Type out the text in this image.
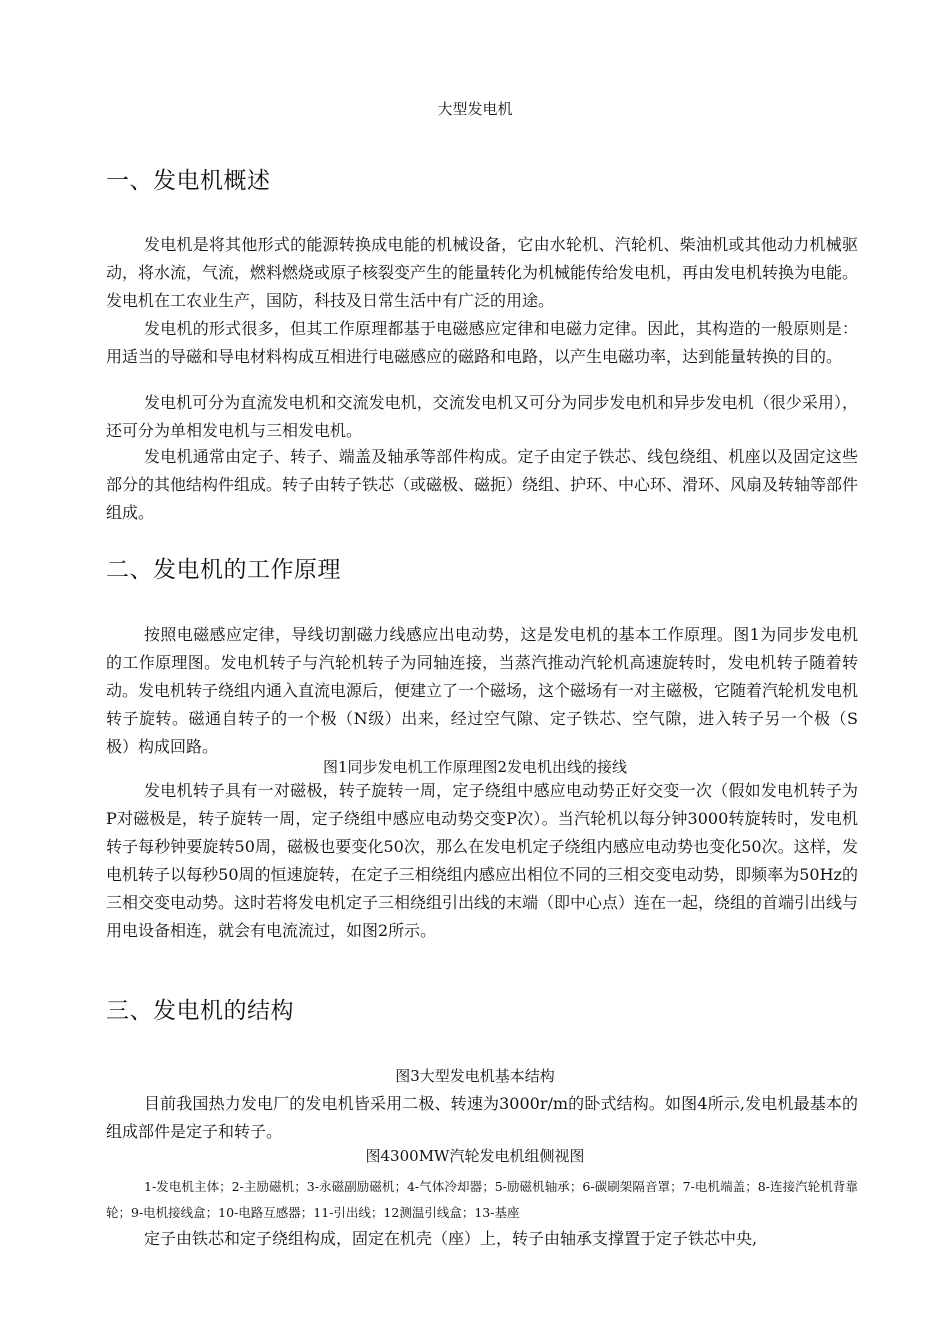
大型发电机
一、发电机概述

发电机是将其他形式的能源转换成电能的机械设备，它由水轮机、汽轮机、柴油机或其他动力机械驱动，将水流，气流，燃料燃烧或原子核裂变产生的能量转化为机械能传给发电机，再由发电机转换为电能。发电机在工农业生产，国防，科技及日常生活中有广泛的用途。

发电机的形式很多，但其工作原理都基于电磁感应定律和电磁力定律。因此，其构造的一般原则是：用适当的导磁和导电材料构成互相进行电磁感应的磁路和电路，以产生电磁功率，达到能量转换的目的。

发电机可分为直流发电机和交流发电机，交流发电机又可分为同步发电机和异步发电机（很少采用），还可分为单相发电机与三相发电机。

发电机通常由定子、转子、端盖及轴承等部件构成。定子由定子铁芯、线包绕组、机座以及固定这些部分的其他结构件组成。转子由转子铁芯（或磁极、磁扼）绕组、护环、中心环、滑环、风扇及转轴等部件组成。

二、发电机的工作原理

按照电磁感应定律，导线切割磁力线感应出电动势，这是发电机的基本工作原理。图1为同步发电机的工作原理图。发电机转子与汽轮机转子为同轴连接，当蒸汽推动汽轮机高速旋转时，发电机转子随着转动。发电机转子绕组内通入直流电源后，便建立了一个磁场，这个磁场有一对主磁极，它随着汽轮机发电机转子旋转。磁通自转子的一个极（N级）出来，经过空气隙、定子铁芯、空气隙，进入转子另一个极（S极）构成回路。

图1同步发电机工作原理图2发电机出线的接线

发电机转子具有一对磁极，转子旋转一周，定子绕组中感应电动势正好交变一次（假如发电机转子为P对磁极是，转子旋转一周，定子绕组中感应电动势交变P次）。当汽轮机以每分钟3000转旋转时，发电机转子每秒钟要旋转50周，磁极也要变化50次，那么在发电机定子绕组内感应电动势也变化50次。这样，发电机转子以每秒50周的恒速旋转，在定子三相绕组内感应出相位不同的三相交变电动势，即频率为50Hz的三相交变电动势。这时若将发电机定子三相绕组引出线的末端（即中心点）连在一起，绕组的首端引出线与用电设备相连，就会有电流流过，如图2所示。

三、发电机的结构
图3大型发电机基本结构

目前我国热力发电厂的发电机皆采用二极、转速为3000r/m的卧式结构。如图4所示,发电机最基本的组成部件是定子和转子。

图4300MW汽轮发电机组侧视图

1-发电机主体；2-主励磁机；3-永磁副励磁机；4-气体冷却器；5-励磁机轴承；6-碳刷架隔音罩；7-电机端盖；8-连接汽轮机背靠轮；9-电机接线盒；10-电路互感器；11-引出线；12测温引线盒；13-基座

定子由铁芯和定子绕组构成，固定在机壳（座）上，转子由轴承支撑置于定子铁芯中央,
